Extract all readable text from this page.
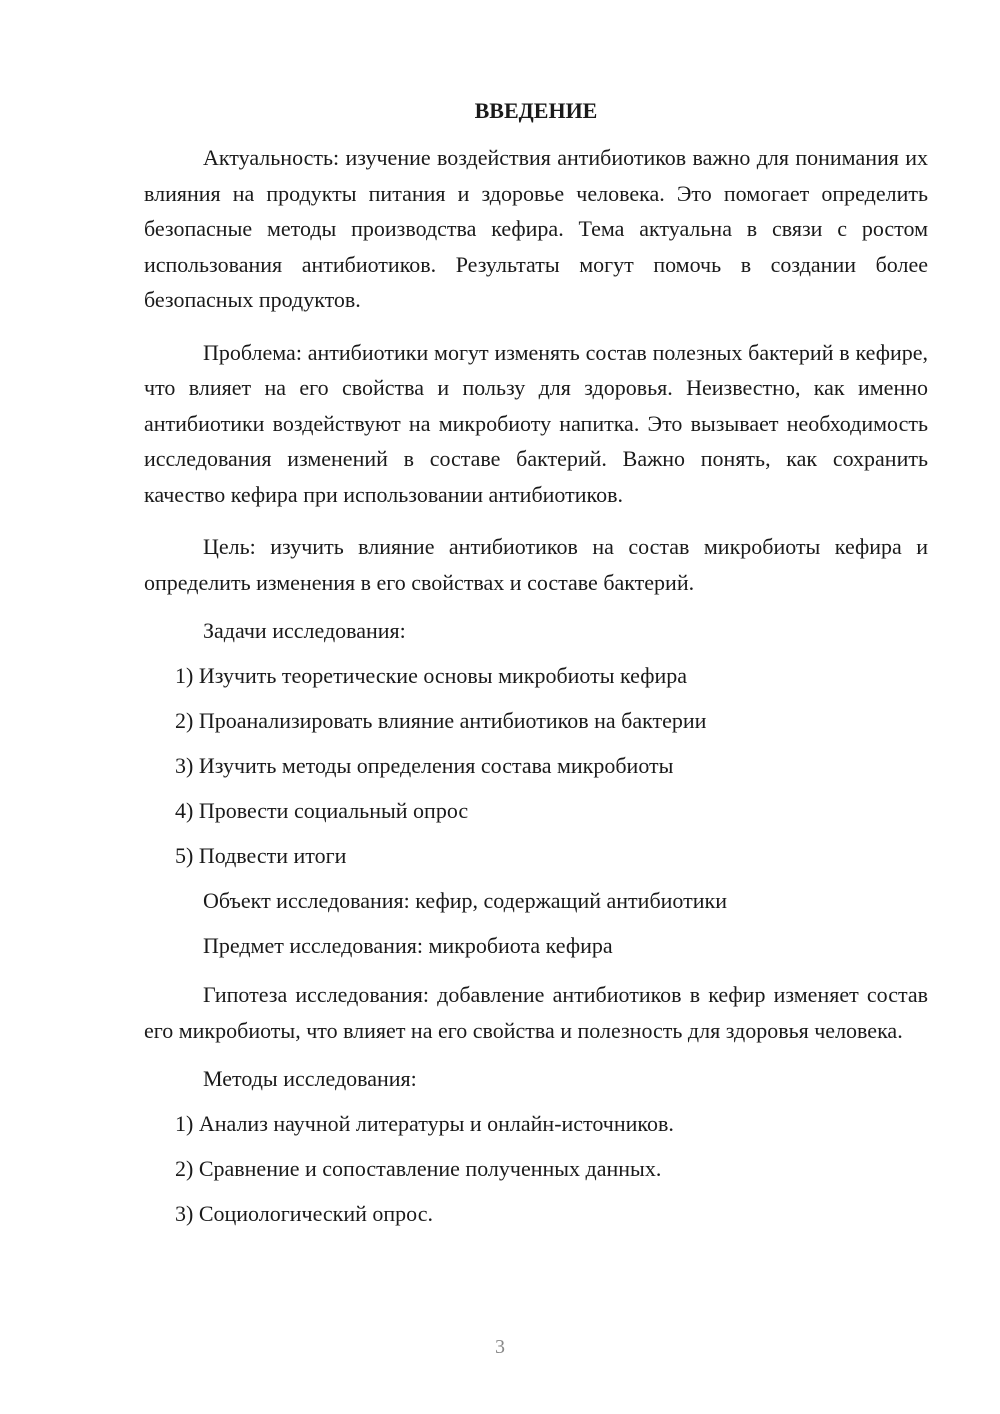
ВВЕДЕНИЕ

Актуальность: изучение воздействия антибиотиков важно для понимания их влияния на продукты питания и здоровье человека. Это помогает определить безопасные методы производства кефира. Тема актуальна в связи с ростом использования антибиотиков. Результаты могут помочь в создании более безопасных продуктов.

Проблема: антибиотики могут изменять состав полезных бактерий в кефире, что влияет на его свойства и пользу для здоровья. Неизвестно, как именно антибиотики воздействуют на микробиоту напитка. Это вызывает необходимость исследования изменений в составе бактерий. Важно понять, как сохранить качество кефира при использовании антибиотиков.

Цель: изучить влияние антибиотиков на состав микробиоты кефира и определить изменения в его свойствах и составе бактерий.

Задачи исследования:
1) Изучить теоретические основы микробиоты кефира
2) Проанализировать влияние антибиотиков на бактерии
3) Изучить методы определения состава микробиоты
4) Провести социальный опрос
5) Подвести итоги
Объект исследования: кефир, содержащий антибиотики
Предмет исследования: микробиота кефира

Гипотеза исследования: добавление антибиотиков в кефир изменяет состав его микробиоты, что влияет на его свойства и полезность для здоровья человека.

Методы исследования:
1) Анализ научной литературы и онлайн-источников.
2) Сравнение и сопоставление полученных данных.
3) Социологический опрос.
3
